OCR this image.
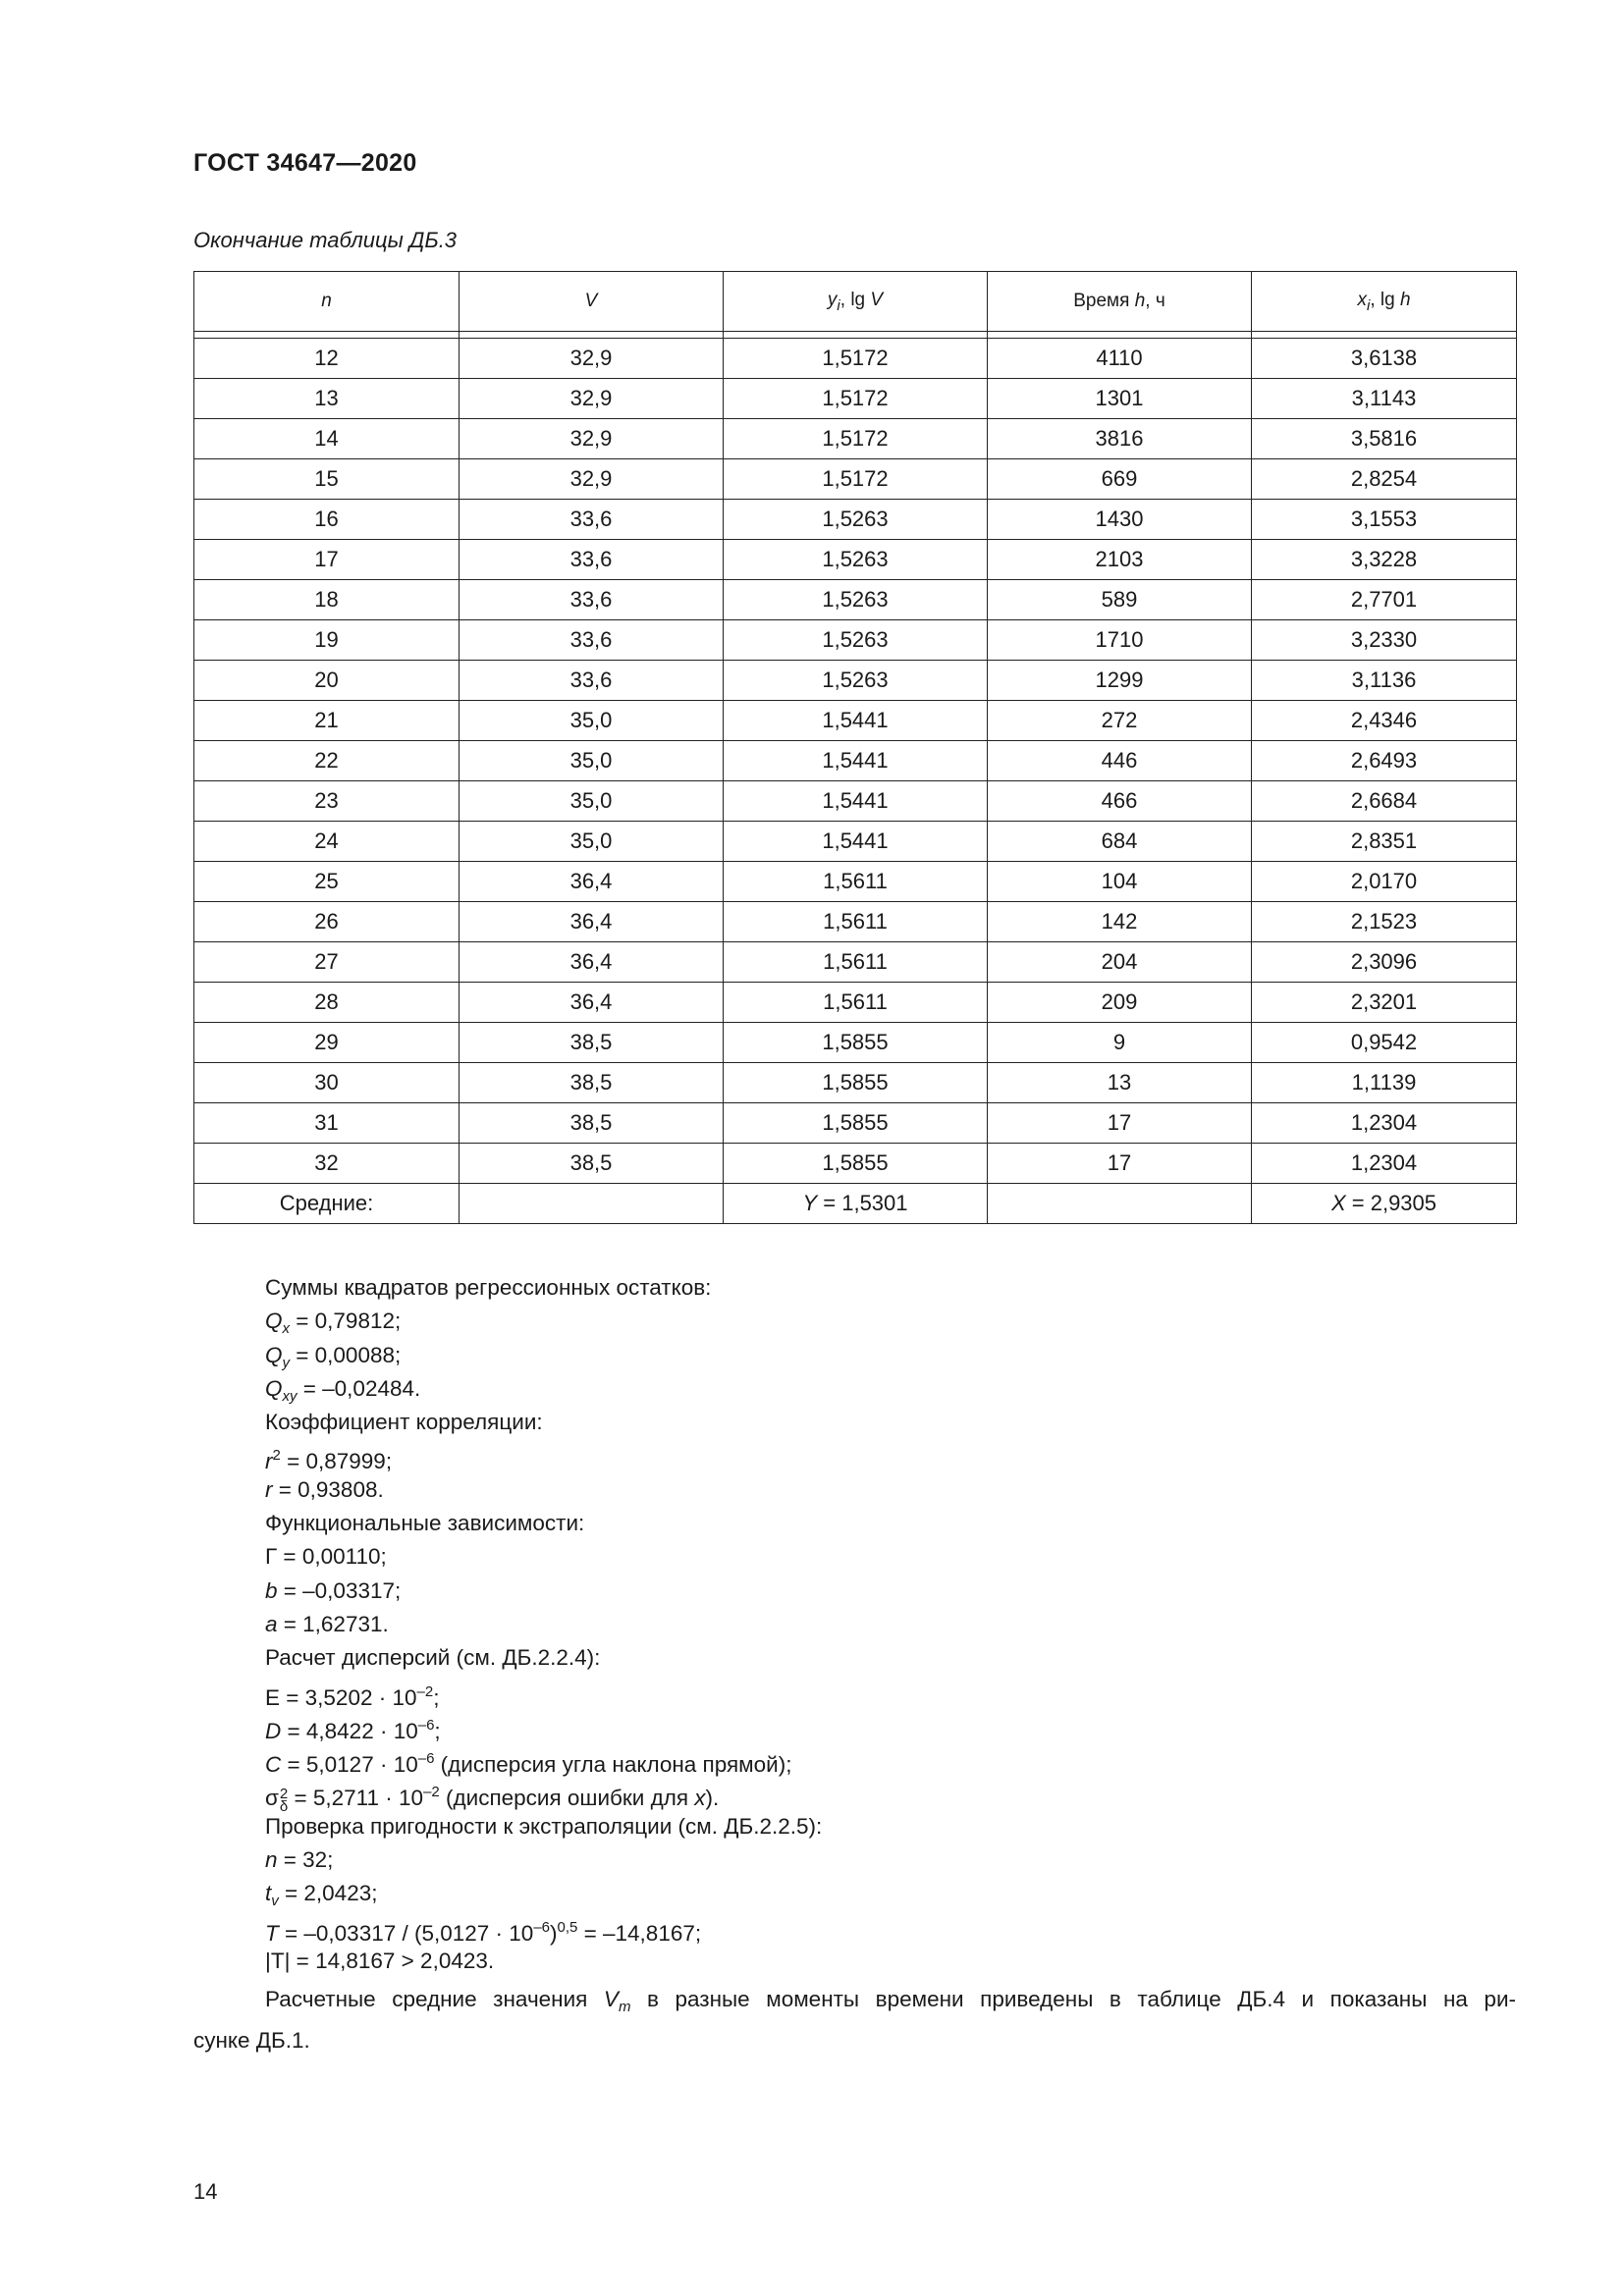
ГОСТ 34647—2020
Окончание таблицы ДБ.3
n	V	$y_i$, lg V	Время h, ч	$x_i$, lg h

12	32,9	1,5172	4110	3,6138
13	32,9	1,5172	1301	3,1143
14	32,9	1,5172	3816	3,5816
15	32,9	1,5172	669	2,8254
16	33,6	1,5263	1430	3,1553
17	33,6	1,5263	2103	3,3228
18	33,6	1,5263	589	2,7701
19	33,6	1,5263	1710	3,2330
20	33,6	1,5263	1299	3,1136
21	35,0	1,5441	272	2,4346
22	35,0	1,5441	446	2,6493
23	35,0	1,5441	466	2,6684
24	35,0	1,5441	684	2,8351
25	36,4	1,5611	104	2,0170
26	36,4	1,5611	142	2,1523
27	36,4	1,5611	204	2,3096
28	36,4	1,5611	209	2,3201
29	38,5	1,5855	9	0,9542
30	38,5	1,5855	13	1,1139
31	38,5	1,5855	17	1,2304
32	38,5	1,5855	17	1,2304
Средние:		Y = 1,5301		X = 2,9305
Суммы квадратов регрессионных остатков:
$Q_x = 0,79812$;
$Q_y = 0,00088$;
$Q_{xy} = -0,02484$.
Коэффициент корреляции:
$r^2 = 0,87999$;
r = 0,93808.
Функциональные зависимости:
Г = 0,00110;
b = –0,03317;
a = 1,62731.
Расчет дисперсий (см. ДБ.2.2.4):
$E = 3,5202 \cdot 10^{-2}$;
$D = 4,8422 \cdot 10^{-6}$;
$C = 5,0127 \cdot 10^{-6}$ (дисперсия угла наклона прямой);
σ 2
$\delta = 5,2711 \cdot 10^{-2}$ (дисперсия ошибки для x).
Проверка пригодности к экстраполяции (см. ДБ.2.2.5):
n = 32;
$t_v = 2,0423$;
$T = -0,03317 / (5,0127 \cdot 10^{-6})^{0,5} = -14,8167$;
|T| = 14,8167 > 2,0423.
Расчетные средние значения $V_m$ в разные моменты времени приведены в таблице ДБ.4 и показаны на ри-
сунке ДБ.1.
14
